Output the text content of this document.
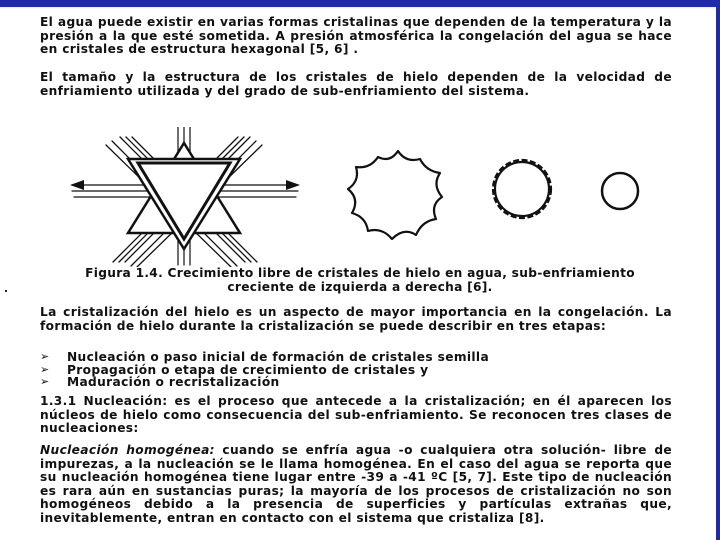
El agua puede existir en varias formas cristalinas que dependen de la temperatura y la presión a la que esté sometida. A presión atmosférica la congelación del agua se hace en cristales de estructura hexagonal [5, 6] .

El tamaño y la estructura de los cristales de hielo dependen de la velocidad de enfriamiento utilizada y del grado de sub-enfriamiento del sistema.

Figura 1.4. Crecimiento libre de cristales de hielo en agua, sub-enfriamiento
creciente de izquierda a derecha [6].

La cristalización del hielo es un aspecto de mayor importancia en la congelación. La formación de hielo durante la cristalización se puede describir en tres etapas:

➢	Nucleación o paso inicial de formación de cristales semilla
➢	Propagación o etapa de crecimiento de cristales y
➢	Maduración o recristalización

1.3.1 Nucleación: es el proceso que antecede a la cristalización; en él aparecen los núcleos de hielo como consecuencia del sub-enfriamiento. Se reconocen tres clases de nucleaciones:

Nucleación homogénea: cuando se enfría agua -o cualquiera otra solución- libre de impurezas, a la nucleación se le llama homogénea. En el caso del agua se reporta que su nucleación homogénea tiene lugar entre -39 a -41 ºC [5, 7]. Este tipo de nucleación es rara aún en sustancias puras; la mayoría de los procesos de cristalización no son homogéneos debido a la presencia de superficies y partículas extrañas que, inevitablemente, entran en contacto con el sistema que cristaliza [8].
